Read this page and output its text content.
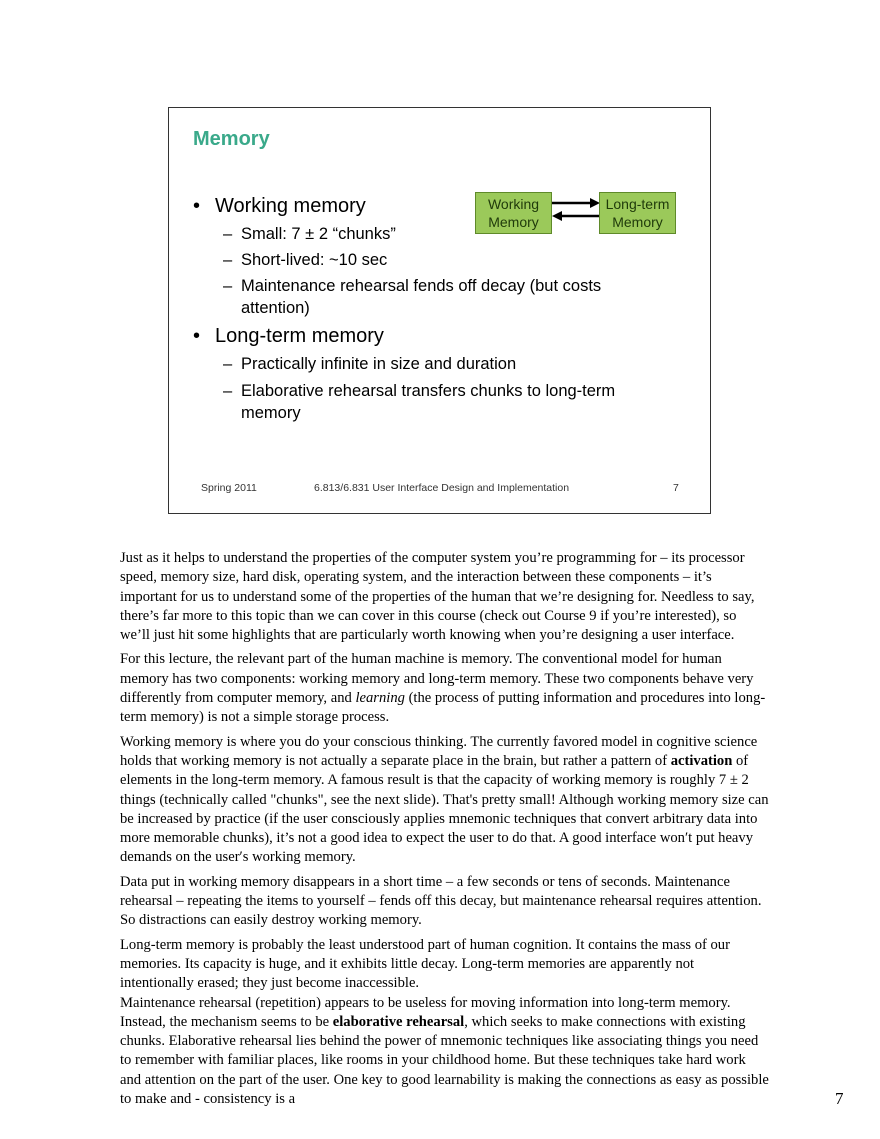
Memory
• Working memory
– Small: 7 ± 2 “chunks”
– Short-lived: ~10 sec
– Maintenance rehearsal fends off decay (but costs attention)
• Long-term memory
– Practically infinite in size and duration
– Elaborative rehearsal transfers chunks to long-term memory
Working Memory
Long-term Memory
Spring 2011	6.813/6.831 User Interface Design and Implementation	7

Just as it helps to understand the properties of the computer system you’re programming for – its processor speed, memory size, hard disk, operating system, and the interaction between these components – it’s important for us to understand some of the properties of the human that we’re designing for. Needless to say, there’s far more to this topic than we can cover in this course (check out Course 9 if you’re interested), so we’ll just hit some highlights that are particularly worth knowing when you’re designing a user interface.

For this lecture, the relevant part of the human machine is memory. The conventional model for human memory has two components: working memory and long-term memory. These two components behave very differently from computer memory, and learning (the process of putting information and procedures into long-term memory) is not a simple storage process.

Working memory is where you do your conscious thinking. The currently favored model in cognitive science holds that working memory is not actually a separate place in the brain, but rather a pattern of activation of elements in the long-term memory. A famous result is that the capacity of working memory is roughly 7 ± 2 things (technically called "chunks", see the next slide). That's pretty small! Although working memory size can be increased by practice (if the user consciously applies mnemonic techniques that convert arbitrary data into more memorable chunks), it’s not a good idea to expect the user to do that. A good interface won′t put heavy demands on the user′s working memory.

Data put in working memory disappears in a short time – a few seconds or tens of seconds. Maintenance rehearsal – repeating the items to yourself – fends off this decay, but maintenance rehearsal requires attention. So distractions can easily destroy working memory.

Long-term memory is probably the least understood part of human cognition. It contains the mass of our memories. Its capacity is huge, and it exhibits little decay. Long-term memories are apparently not intentionally erased; they just become inaccessible.

Maintenance rehearsal (repetition) appears to be useless for moving information into long-term memory. Instead, the mechanism seems to be elaborative rehearsal, which seeks to make connections with existing chunks. Elaborative rehearsal lies behind the power of mnemonic techniques like associating things you need to remember with familiar places, like rooms in your childhood home. But these techniques take hard work and attention on the part of the user. One key to good learnability is making the connections as easy as possible to make and - consistency is a	7
